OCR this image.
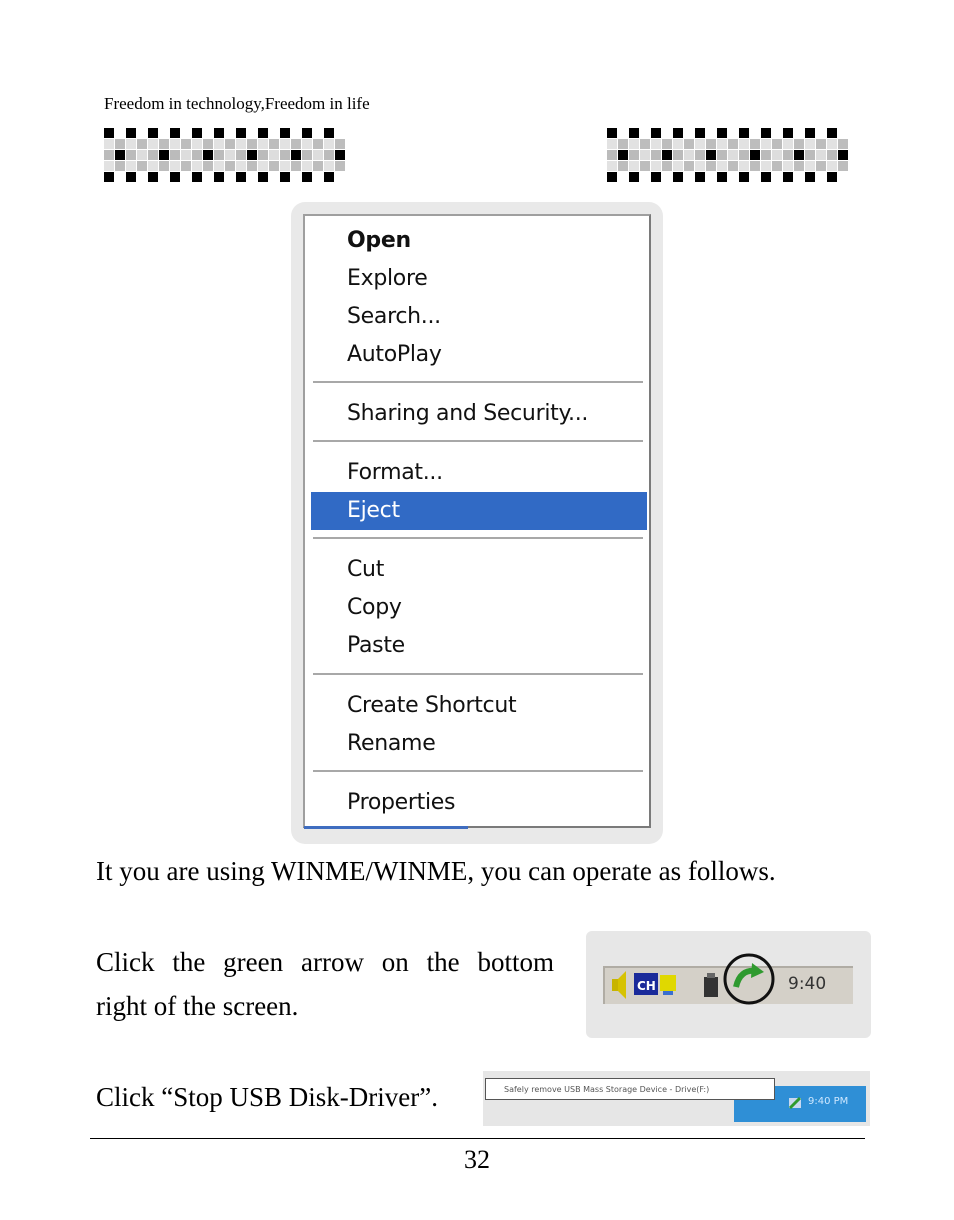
Freedom in technology,Freedom in life
Open
Explore
Search...
AutoPlay
Sharing and Security...
Format...
Eject
Cut
Copy
Paste
Create Shortcut
Rename
Properties
It you are using WINME/WINME, you can operate as follows.
Click the green arrow on the bottom
right of the screen.
CH	9:40
Click “Stop USB Disk-Driver”.	9:40 PM
Safely remove USB Mass Storage Device - Drive(F:)
32
